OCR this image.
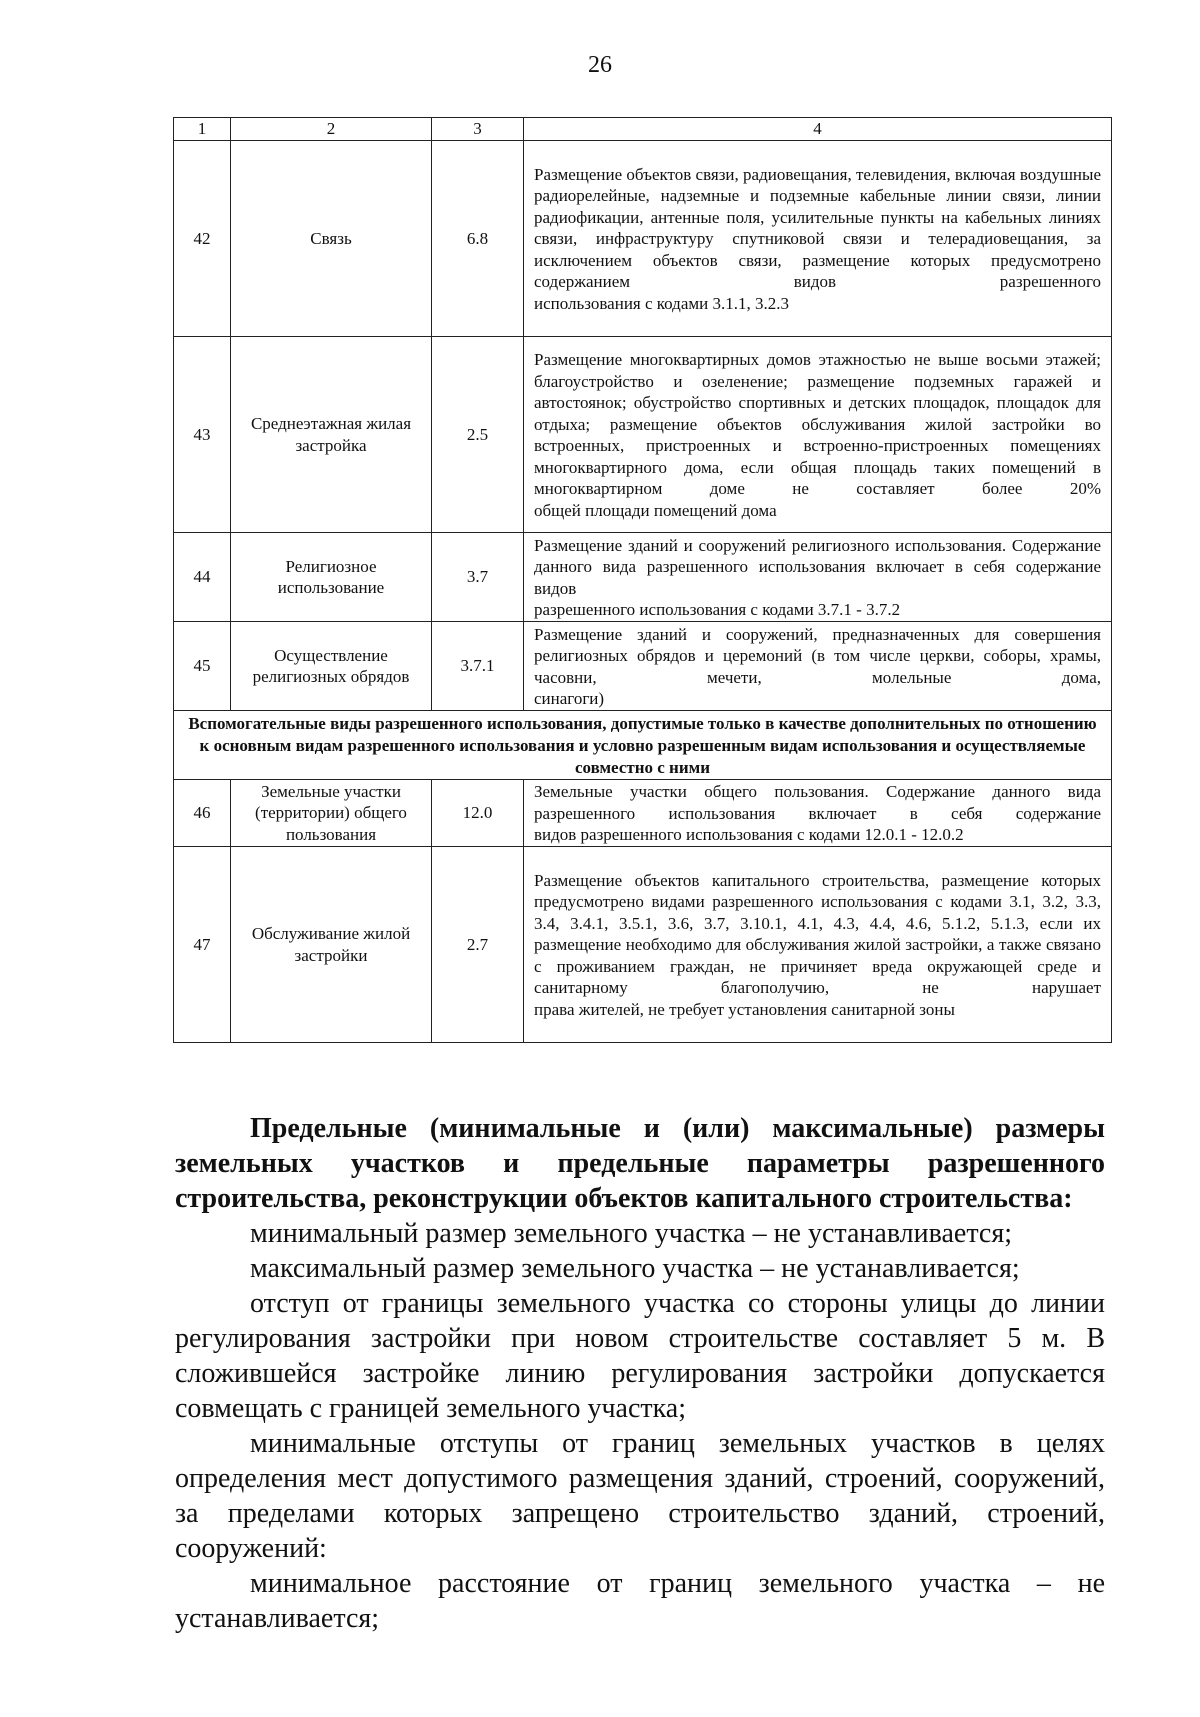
26
1	2	3	4
42	Связь	6.8	Размещение объектов связи, радиовещания, телевидения, включая воздушные радиорелейные, надземные и подземные кабельные линии связи, линии радиофикации, антенные поля, усилительные пункты на кабельных линиях связи, инфраструктуру спутниковой связи и телерадиовещания, за исключением объектов связи, размещение которых предусмотрено содержанием видов разрешенного
использования с кодами 3.1.1, 3.2.3

43	Среднеэтажная жилая застройка	2.5	Размещение многоквартирных домов этажностью не выше восьми этажей; благоустройство и озеленение; размещение подземных гаражей и автостоянок; обустройство спортивных и детских площадок, площадок для отдыха; размещение объектов обслуживания жилой застройки во встроенных, пристроенных и встроенно-пристроенных помещениях многоквартирного дома, если общая площадь таких помещений в многоквартирном доме не составляет более 20%
общей площади помещений дома

44	Религиозное использование	3.7	Размещение зданий и сооружений религиозного использования. Содержание данного вида разрешенного использования включает в себя содержание видов
разрешенного использования с кодами 3.7.1 - 3.7.2

45	Осуществление религиозных обрядов	3.7.1	Размещение зданий и сооружений, предназначенных для совершения религиозных обрядов и церемоний (в том числе церкви, соборы, храмы, часовни, мечети, молельные дома,
синагоги)

Вспомогательные виды разрешенного использования, допустимые только в качестве дополнительных по отношению к основным видам разрешенного использования и условно разрешенным видам использования и осуществляемые совместно с ними			
46	Земельные участки (территории) общего пользования	12.0	Земельные участки общего пользования. Содержание данного вида разрешенного использования включает в себя содержание
видов разрешенного использования с кодами 12.0.1 - 12.0.2

47	Обслуживание жилой застройки	2.7	Размещение объектов капитального строительства, размещение которых предусмотрено видами разрешенного использования с кодами 3.1, 3.2, 3.3, 3.4, 3.4.1, 3.5.1, 3.6, 3.7, 3.10.1, 4.1, 4.3, 4.4, 4.6, 5.1.2, 5.1.3, если их размещение необходимо для обслуживания жилой застройки, а также связано с проживанием граждан, не причиняет вреда окружающей среде и санитарному благополучию, не нарушает
права жителей, не требует установления санитарной зоны

Предельные (минимальные и (или) максимальные) размеры земельных участков и предельные параметры разрешенного строительства, реконструкции объектов капитального строительства:

минимальный размер земельного участка – не устанавливается;

максимальный размер земельного участка – не устанавливается;

отступ от границы земельного участка со стороны улицы до линии регулирования застройки при новом строительстве составляет 5 м. В сложившейся застройке линию регулирования застройки допускается совмещать с границей земельного участка;

минимальные отступы от границ земельных участков в целях определения мест допустимого размещения зданий, строений, сооружений, за пределами которых запрещено строительство зданий, строений, сооружений:

минимальное расстояние от границ земельного участка – не устанавливается;
